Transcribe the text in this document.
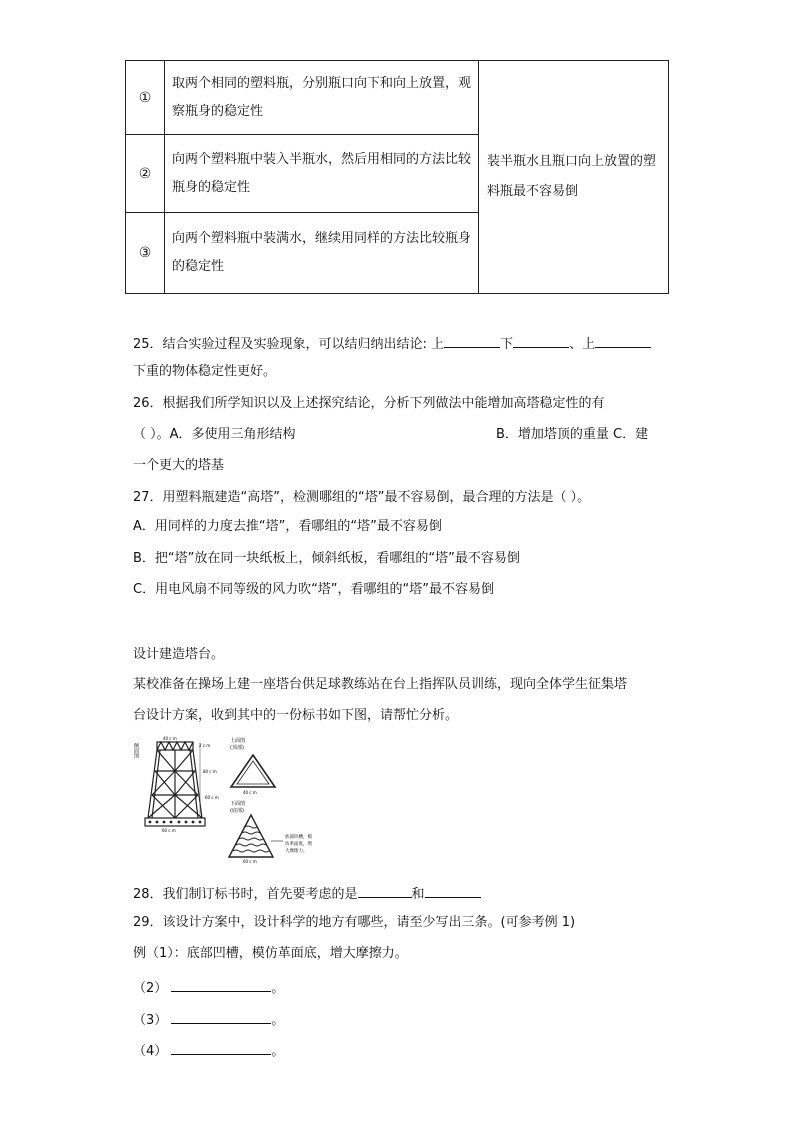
①	取两个相同的塑料瓶，分别瓶口向下和向上放置，观察瓶身的稳定性	装半瓶水且瓶口向上放置的塑料瓶最不容易倒
②	向两个塑料瓶中装入半瓶水，然后用相同的方法比较瓶身的稳定性	
③	向两个塑料瓶中装满水，继续用同样的方法比较瓶身的稳定性	
25．结合实验过程及实验现象，可以结归纳出结论: 上	下	、上
下重的物体稳定性更好。
26．根据我们所学知识以及上述探究结论，分析下列做法中能增加高塔稳定性的有
（ ）。A．多使用三角形结构	B．增加塔顶的重量 C．建
一个更大的塔基
27．用塑料瓶建造“高塔”，检测哪组的“塔”最不容易倒，最合理的方法是（ ）。
A．用同样的力度去推“塔”，看哪组的“塔”最不容易倒
B．把“塔”放在同一块纸板上，倾斜纸板，看哪组的“塔”最不容易倒
C．用电风扇不同等级的风力吹“塔”，看哪组的“塔”最不容易倒
设计建造塔台。
某校准备在操场上建一座塔台供足球教练站在台上指挥队员训练，现向全体学生征集塔
台设计方案，收到其中的一份标书如下图，请帮忙分析。
侧面图
40 c m
60 c m
2 c m
80 c m
60 c m
上面图
(顶部)
40 c m
下面图
(底部)
60 c m
底部凹槽，模
仿革面底，增
大摩擦力。
28．我们制订标书时，首先要考虑的是	和
29．该设计方案中，设计科学的地方有哪些，请至少写出三条。(可参考例 1)
例（1）：底部凹槽，模仿革面底，增大摩擦力。
（2）	。
（3）	。
（4）	。
